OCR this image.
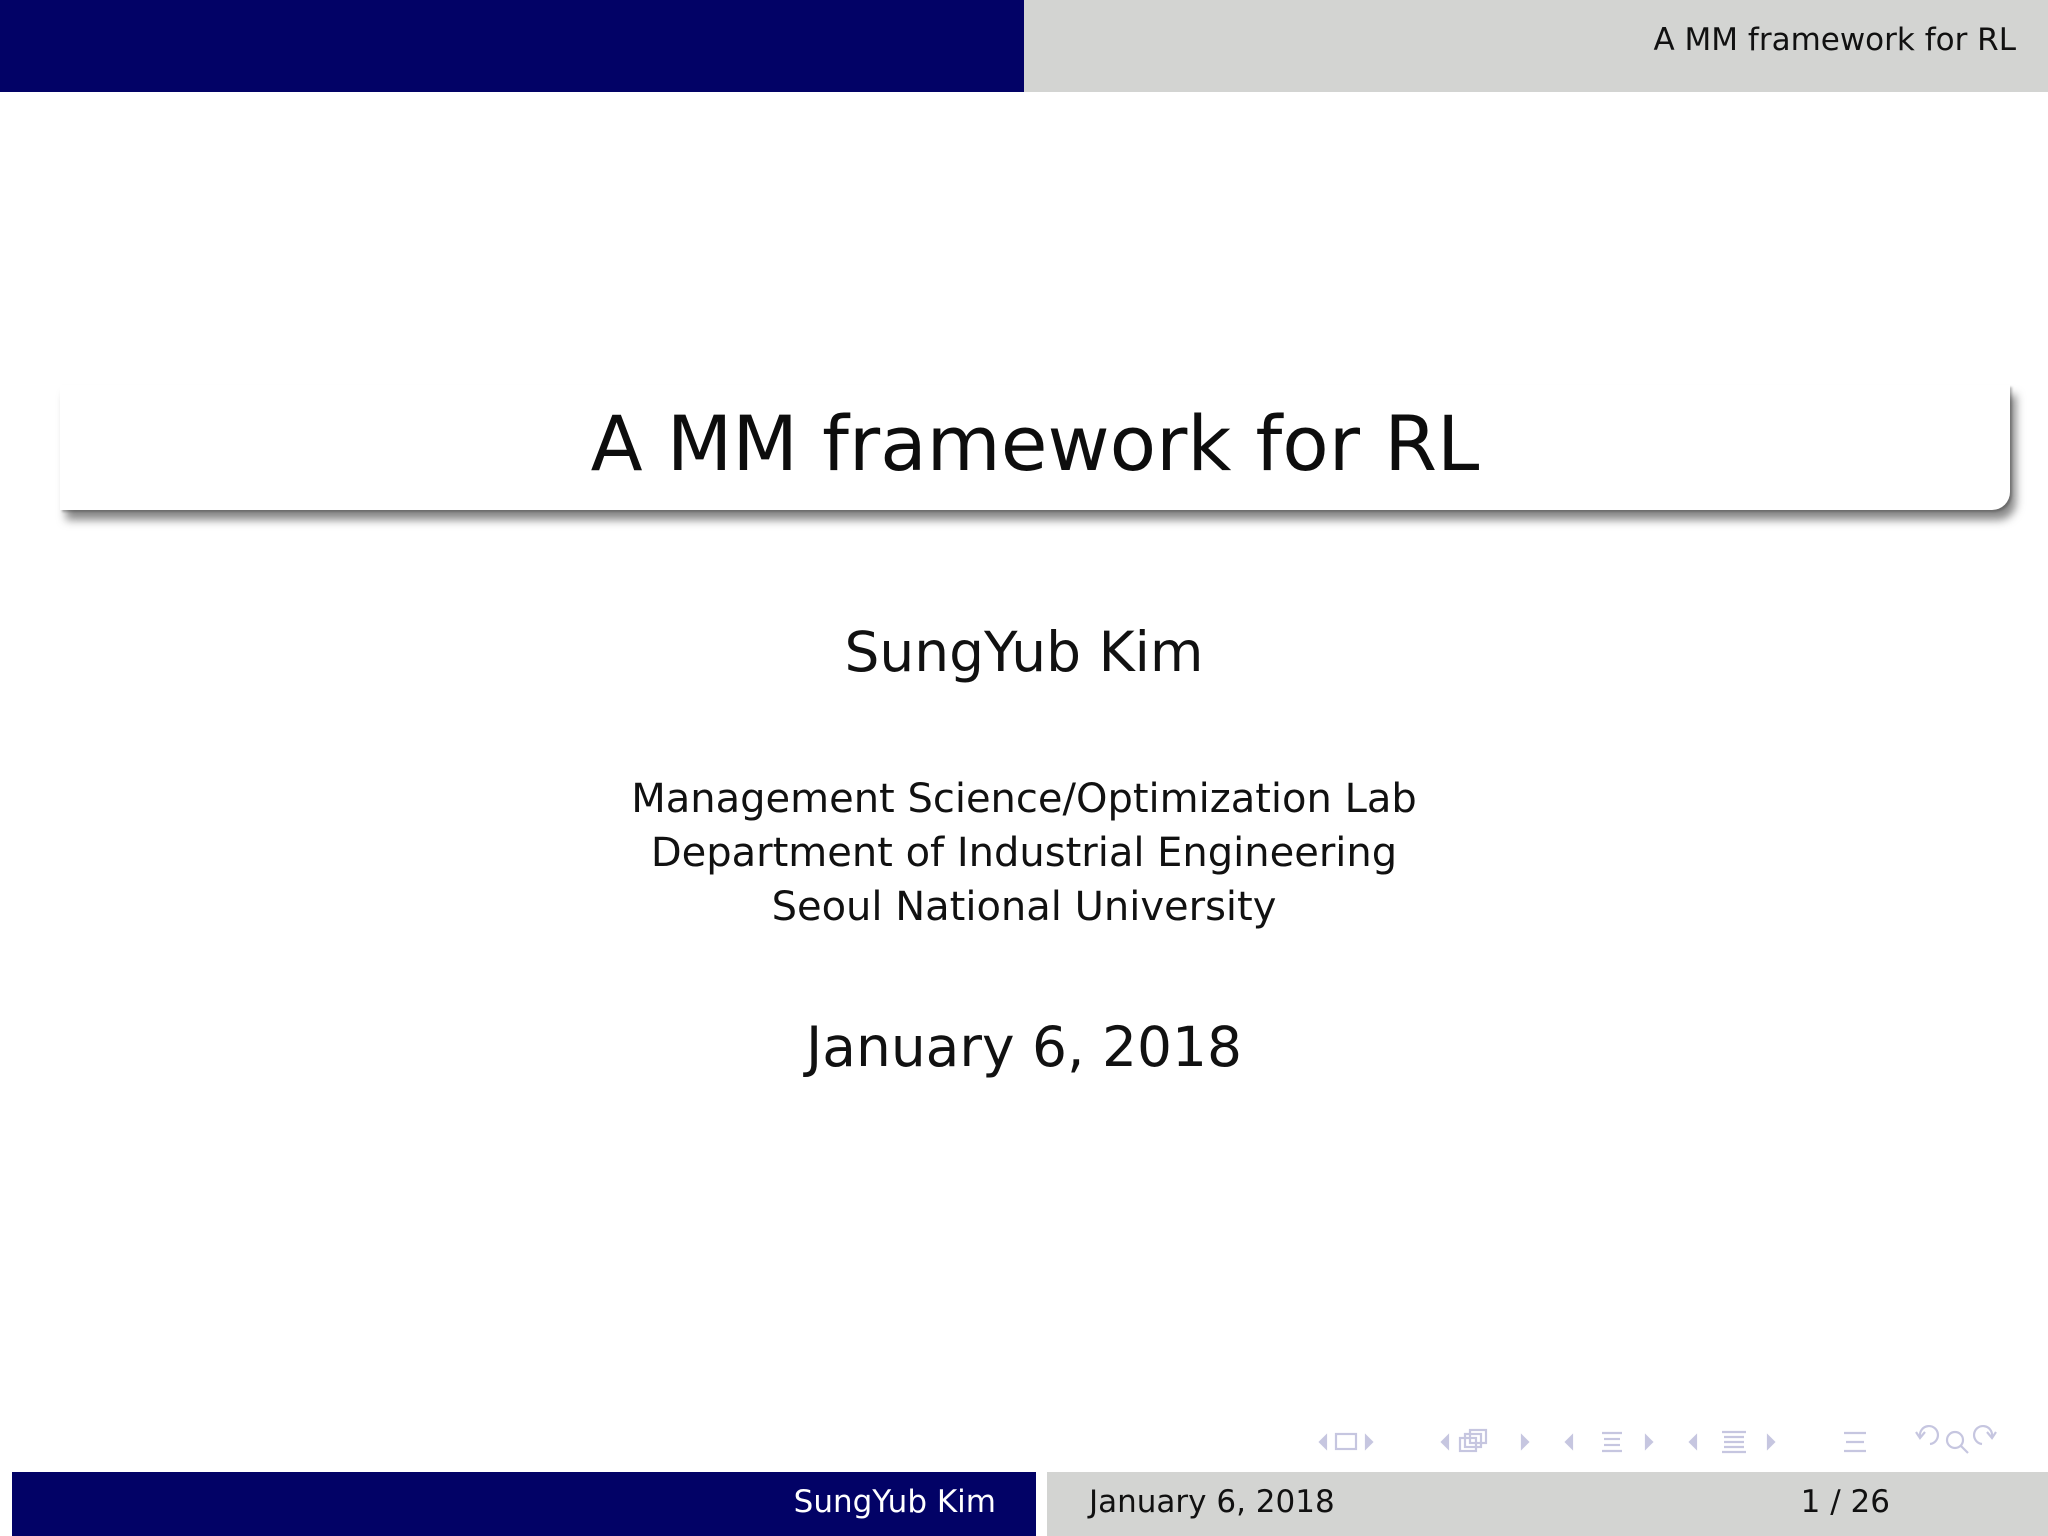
A MM framework for RL
A MM framework for RL
SungYub Kim
Management Science/Optimization Lab
Department of Industrial Engineering
Seoul National University
January 6, 2018
SungYub Kim	January 6, 2018	1 / 26
